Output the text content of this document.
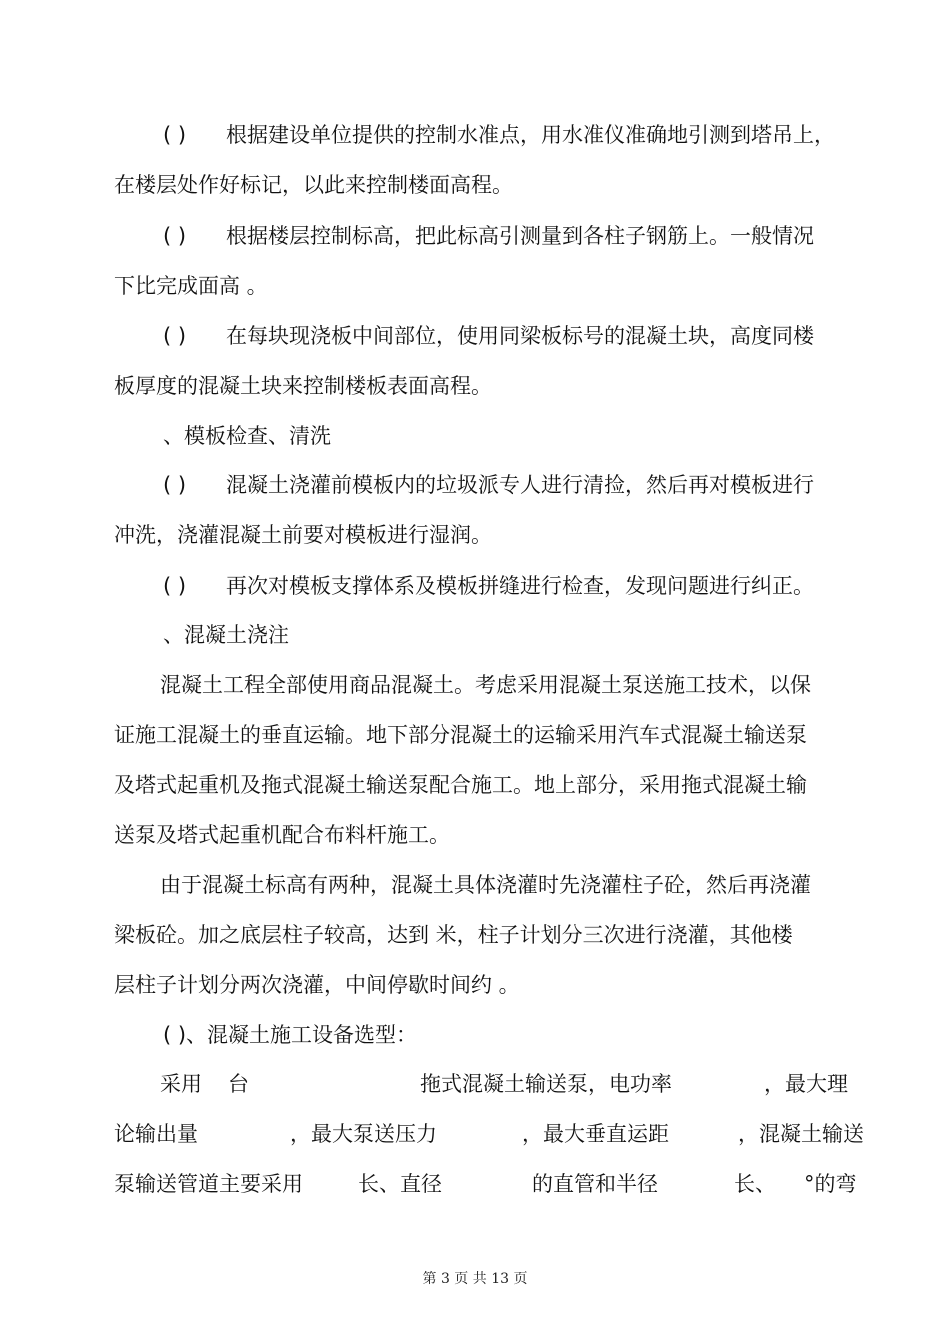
( ) 根据建设单位提供的控制水准点，用水准仪准确地引测到塔吊上，
在楼层处作好标记，以此来控制楼面高程。
( ) 根据楼层控制标高，把此标高引测量到各柱子钢筋上。一般情况
下比完成面高 。
( ) 在每块现浇板中间部位，使用同梁板标号的混凝土块，高度同楼
板厚度的混凝土块来控制楼板表面高程。
、模板检查、清洗
( ) 混凝土浇灌前模板内的垃圾派专人进行清捡，然后再对模板进行
冲洗，浇灌混凝土前要对模板进行湿润。
( ) 再次对模板支撑体系及模板拼缝进行检查，发现问题进行纠正。
、混凝土浇注
混凝土工程全部使用商品混凝土。考虑采用混凝土泵送施工技术，以保
证施工混凝土的垂直运输。地下部分混凝土的运输采用汽车式混凝土输送泵
及塔式起重机及拖式混凝土输送泵配合施工。地上部分，采用拖式混凝土输
送泵及塔式起重机配合布料杆施工。
由于混凝土标高有两种，混凝土具体浇灌时先浇灌柱子砼，然后再浇灌
梁板砼。加之底层柱子较高，达到 米，柱子计划分三次进行浇灌，其他楼
层柱子计划分两次浇灌，中间停歇时间约 。
( )、混凝土施工设备选型：
采用 台	拖式混凝土输送泵，电功率	，最大理
论输出量	，最大泵送压力	，最大垂直运距	，混凝土输送
泵输送管道主要采用	长、直径	的直管和半径	长、 °的弯
第 3 页 共 13 页
